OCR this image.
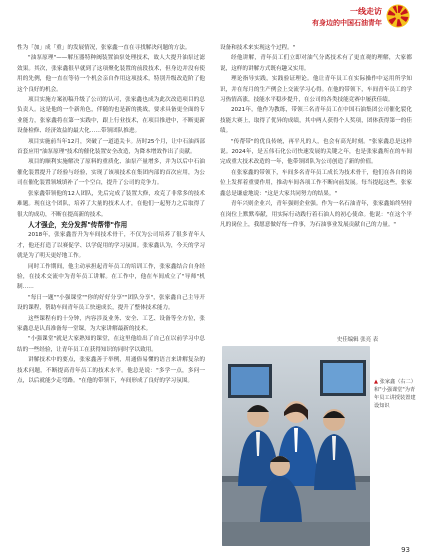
一线走访
有身边的中国石油青年

性为「加」成「重」的发展情况，张家鑫一直在寻找解决问题的方法。

"油泵原理"——解压器特种阀装置油泵处理技术，故人大提升油泵过滤效果。其次，张家鑫很早就到了这项聚化装置的前段技术，但身边并没有使用的先例，他一直在等待一个机会亲自作用这项技术，特别升级改造阶了他这个良好的机会。

项目实施方案初稿升级了公司的认可，张家鑫也成为此次改造项目的总负责人。这是他的一个新角色，伴随的也是新的挑战，要求具备更全面的专业能力，张家鑫将在第一实践中，跟上行业技术，在项目推进中，不断更新设备检修、经济效益的最大化……带领团队推进。

项目实施前当年12月，突破了一道道关卡。历时25个月，让中石油西部首套应用"油泵原理"技术的催化装置安全改造，为降本增效作出了贡献。

项目的顺利实施解决了原料的重质化、油泵产量增多，并为以后中石油催化装置提升了经验与经验，实现了该项技术在集团内部的首次应用，为公司在催化装置领域填补了一个空白，提升了公司的竞争力。

张家鑫带领他的12人团队，先后完成了装置大修，攻克了非常多的技术难题。现在这个团队，培养了大量的技术人才，在他们一起努力之后取得了很大的成功，不断在提高新的技术。

人才强企，充分发挥"传帮带"作用

2018年，张家鑫晋升为车间技术骨干，不仅为公司培养了很多青年人才，他还打造了以赛促学、以学促用的学习氛围。张家鑫认为，今天的学习就是为了明天更好地工作。

同时工作期间，他主动承担起青年员工的培训工作，张家鑫结合自身经验，在技术交流中为青年员工讲解。在工作中，他在车间成立了"导师"机制……

"每日一题""小强课堂""你的好好分享""团队分享"，张家鑫自己主导开设的课程，帮助车间青年员工快速成长，提升了整体技术能力。

这些课程有的十分钟，内容涉及业务、安全、工艺、设备等全方位，张家鑫总是认真准备每一堂课，为大家讲解最新的技术。

"小强课堂"就是大家熟知的课堂，在这里他给出了自己在以前学习中总结的一些经验，让青年员工在获得知识的同时学以致用。

讲解技术中的要点，张家鑫善于举例，用通俗易懂的语言来讲解复杂的技术问题，不断提高青年员工的技术水平。他总是说："多学一点，多问一点，以后就能少走弯路。"在他的带领下，车间形成了良好的学习氛围。

设备和技术来实现这个过程。"

经他讲解，青年员工们立即对油气分离技术有了更直观的理解，大家都说，这样的讲解方式既有趣又实用。

理论指导实践，实践验证理论。他让青年员工在实际操作中运用所学知识，并在每月的生产例会上交流学习心得。在他的带领下，车间青年员工的学习热情高涨，技能水平稳步提升，在公司的各类技能竞赛中屡获佳绩。

2021年，他作为教练，带领三名青年员工在中国石油集团公司催化裂化技能大赛上，取得了优异的成绩，其中两人获得个人奖项，团体获得第一的佳绩。

"传帮带"的优良传统，再平凡的人，也会有高光时刻。"张家鑫总是这样说。2024年，是五伟石化公司快速发展的关键之年，也是张家鑫所在的车间完成重大技术改造的一年，他带领团队为公司创造了新的价值。

在张家鑫的带领下，车间多名青年员工成长为技术骨干，他们在各自的岗位上发挥着重要作用，推动车间各项工作不断向前发展。每当提起这些，张家鑫总是谦虚地说："这是大家共同努力的结果。"

青年兴则企业兴，青年强则企业强。作为一名石油青年，张家鑫始终坚持在岗位上默默奉献，用实际行动践行着石油人的初心使命。他说："在这个平凡的岗位上，我愿意做好每一件事，为石油事业发展贡献自己的力量。"

史佳编辑 张亮 表
▲ 张家鑫（右二）和"小强课堂"为青年员工讲授装置建设知识
93
